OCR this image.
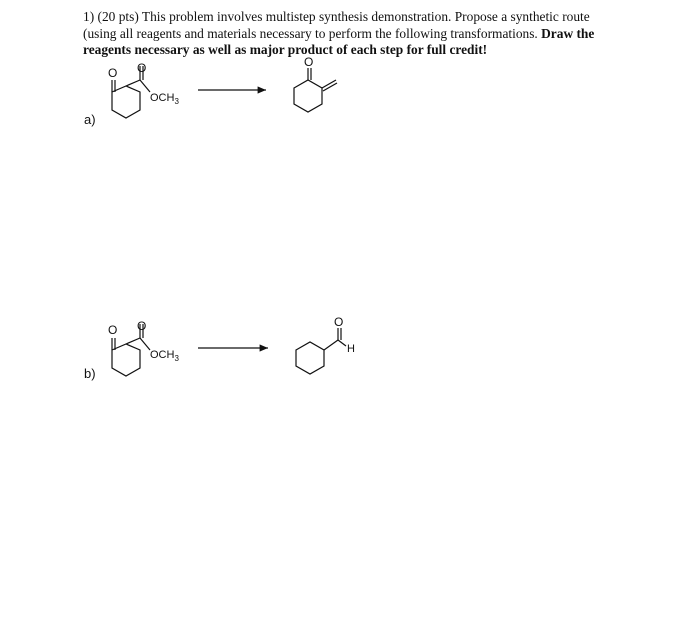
1) (20 pts) This problem involves multistep synthesis demonstration. Propose a synthetic route (using all reagents and materials necessary to perform the following transformations. Draw the reagents necessary as well as major product of each step for full credit!
a)
O O
$OCH_3$
O
b)
O O
$OCH_3$
O
H
